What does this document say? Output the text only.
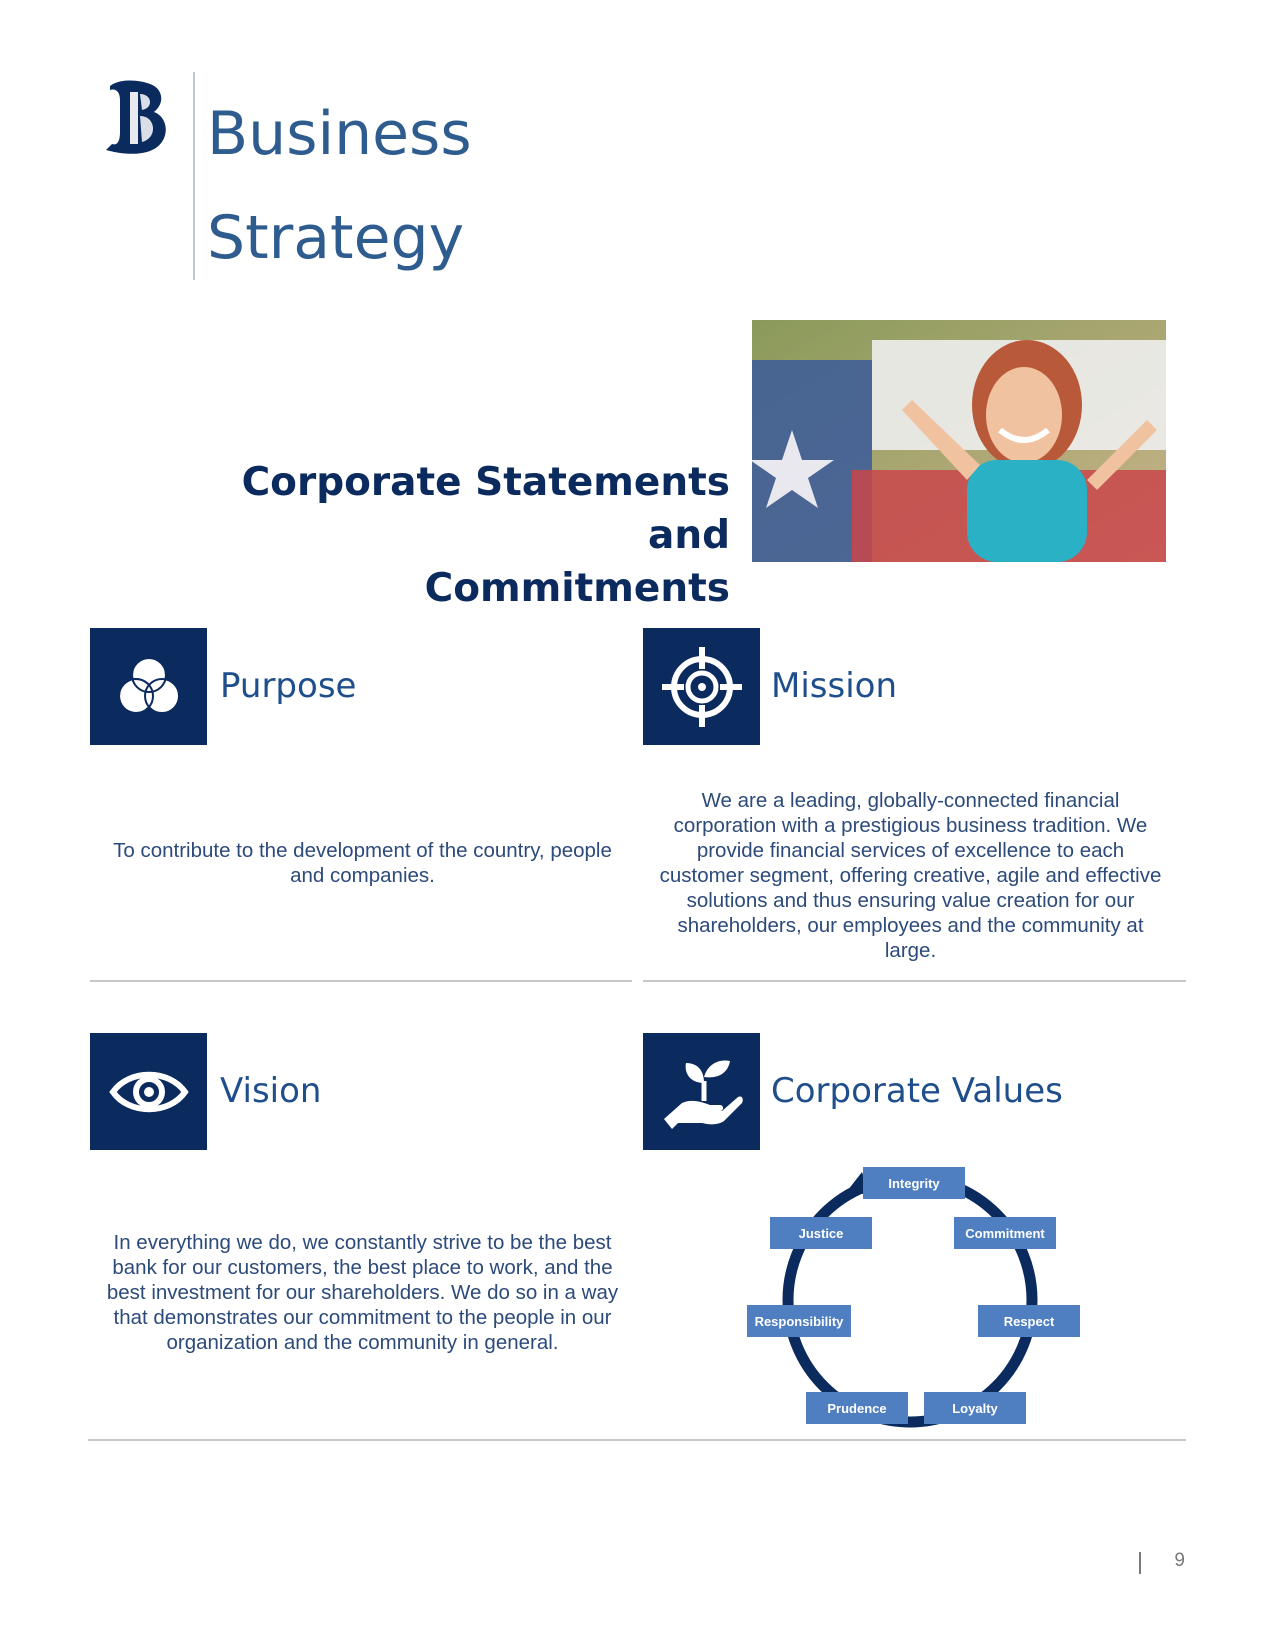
Business
Strategy
Corporate Statements and
Commitments
Purpose
To contribute to the development of the country, people and companies.
Mission
We are a leading, globally-connected financial corporation with a prestigious business tradition. We provide financial services of excellence to each customer segment, offering creative, agile and effective solutions and thus ensuring value creation for our shareholders, our employees and the community at large.
Vision
In everything we do, we constantly strive to be the best bank for our customers, the best place to work, and the best investment for our shareholders. We do so in a way that demonstrates our commitment to the people in our organization and the community in general.
Corporate Values
Integrity
Commitment
Respect
Loyalty
Prudence
Responsibility
Justice
9
